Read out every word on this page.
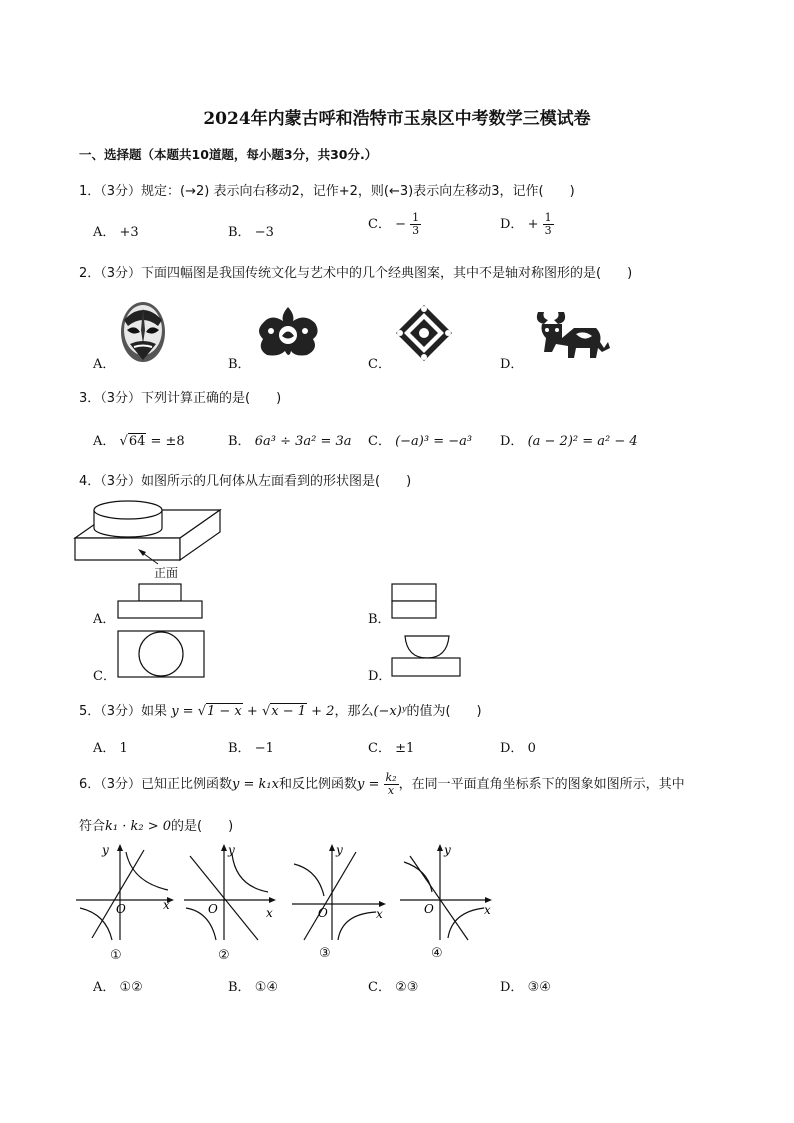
2024年内蒙古呼和浩特市玉泉区中考数学三模试卷
一、选择题（本题共10道题，每小题3分，共30分.）
1．（3分）规定：(→2) 表示向右移动2，记作+2，则(←3)表示向左移动3，记作(　　)
A． +3	B． −3
C． − $\frac{1}{3}$	D． + $\frac{1}{3}$
2．（3分）下面四幅图是我国传统文化与艺术中的几个经典图案，其中不是轴对称图形的是(　　)
A．	B．	C．	D．
3．（3分）下列计算正确的是(　　)
A． √64 = ±8	B． 6a³ ÷ 3a² = 3a C． (−a)³ = −a³ D． (a − 2)² = a² − 4
4．（3分）如图所示的几何体从左面看到的形状图是(　　)
正面
A．	B．
C．	D．
5．（3分）如果 y = √1 − x + √x − 1 + 2，那么(−x)ʸ的值为(　　)
A． 1	B． −1	C． ±1	D． 0
6．（3分）已知正比例函数y = k₁x和反比例函数$y = \frac{\text{k₂}}{x}$ ，在同一平面直角坐标系下的图象如图所示，其中
符合k₁ · k₂ > 0的是(　　)
x
y
O	x
y
O	x
y
O	x
y
O
①	②	③	④
A． ①②	B． ①④	C． ②③	D． ③④
